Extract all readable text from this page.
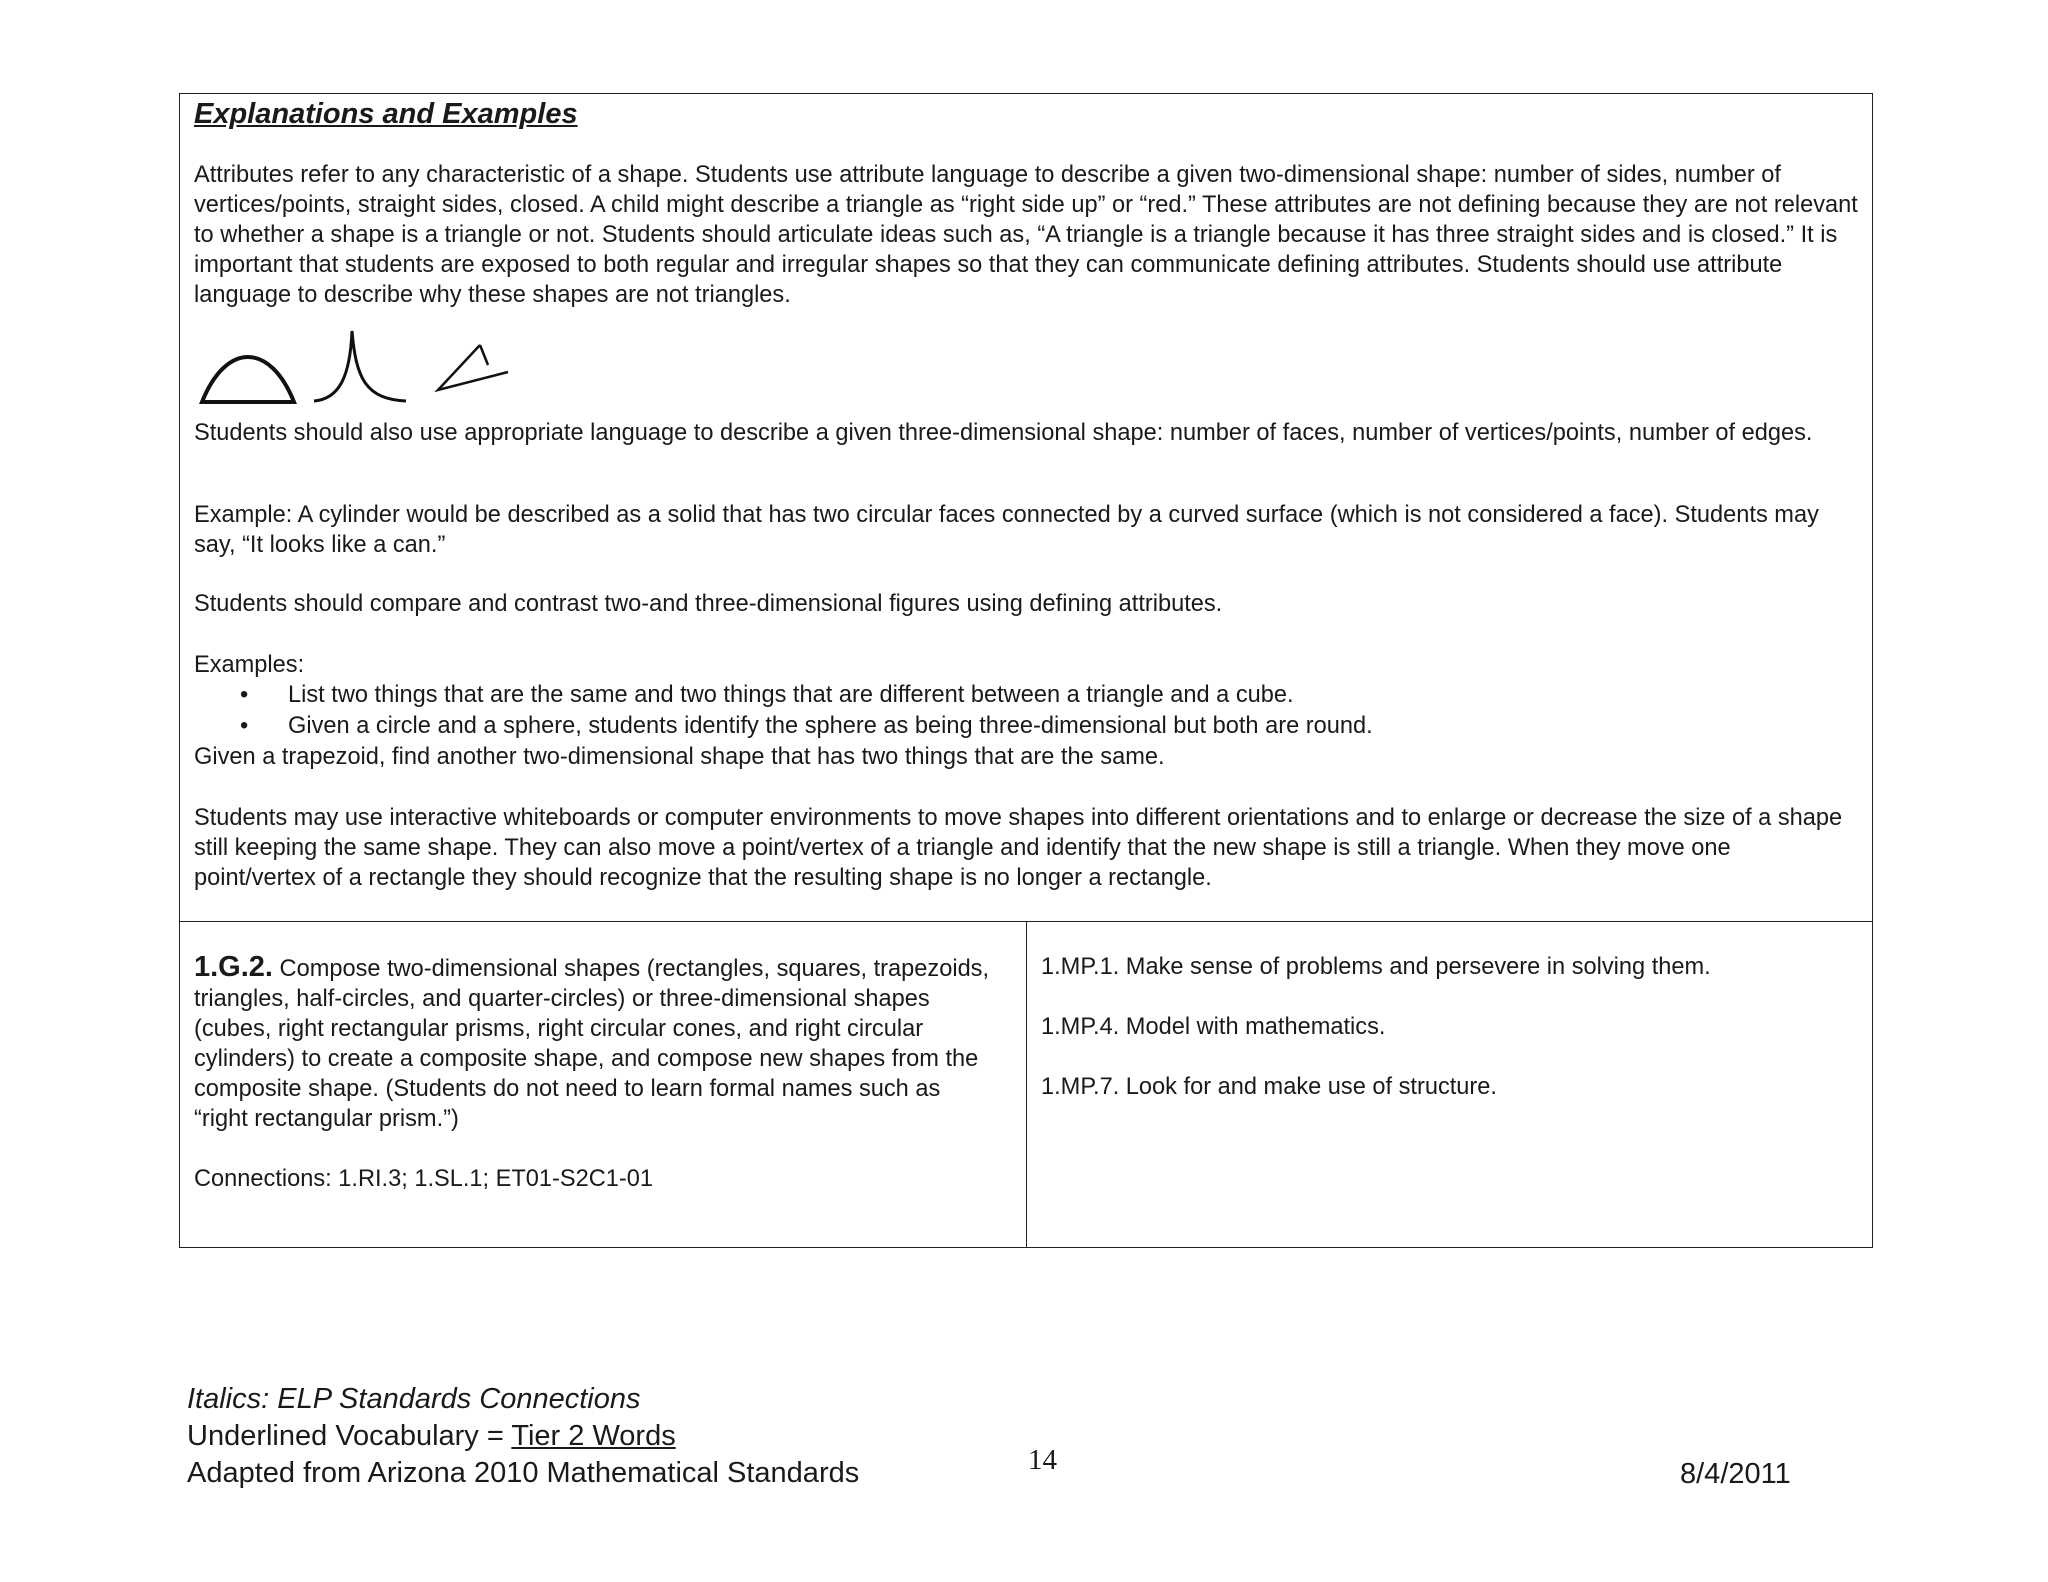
Explanations and Examples

Attributes refer to any characteristic of a shape. Students use attribute language to describe a given two-dimensional shape: number of sides, number of vertices/points, straight sides, closed. A child might describe a triangle as “right side up” or “red.” These attributes are not defining because they are not relevant to whether a shape is a triangle or not. Students should articulate ideas such as, “A triangle is a triangle because it has three straight sides and is closed.” It is important that students are exposed to both regular and irregular shapes so that they can communicate defining attributes. Students should use attribute language to describe why these shapes are not triangles.

Students should also use appropriate language to describe a given three-dimensional shape: number of faces, number of vertices/points, number of edges.

Example: A cylinder would be described as a solid that has two circular faces connected by a curved surface (which is not considered a face). Students may say, “It looks like a can.”

Students should compare and contrast two-and three-dimensional figures using defining attributes.

Examples:

• List two things that are the same and two things that are different between a triangle and a cube.
• Given a circle and a sphere, students identify the sphere as being three-dimensional but both are round.

Given a trapezoid, find another two-dimensional shape that has two things that are the same.

Students may use interactive whiteboards or computer environments to move shapes into different orientations and to enlarge or decrease the size of a shape still keeping the same shape. They can also move a point/vertex of a triangle and identify that the new shape is still a triangle. When they move one point/vertex of a rectangle they should recognize that the resulting shape is no longer a rectangle.

1.G.2. Compose two-dimensional shapes (rectangles, squares, trapezoids, triangles, half-circles, and quarter-circles) or three-dimensional shapes (cubes, right rectangular prisms, right circular cones, and right circular cylinders) to create a composite shape, and compose new shapes from the composite shape. (Students do not need to learn formal names such as “right rectangular prism.”)
Connections: 1.RI.3; 1.SL.1; ET01-S2C1-01
1.MP.1. Make sense of problems and persevere in solving them.
1.MP.4. Model with mathematics.
1.MP.7. Look for and make use of structure.
Italics: ELP Standards Connections
Underlined Vocabulary = Tier 2 Words
Adapted from Arizona 2010 Mathematical Standards	14	8/4/2011
